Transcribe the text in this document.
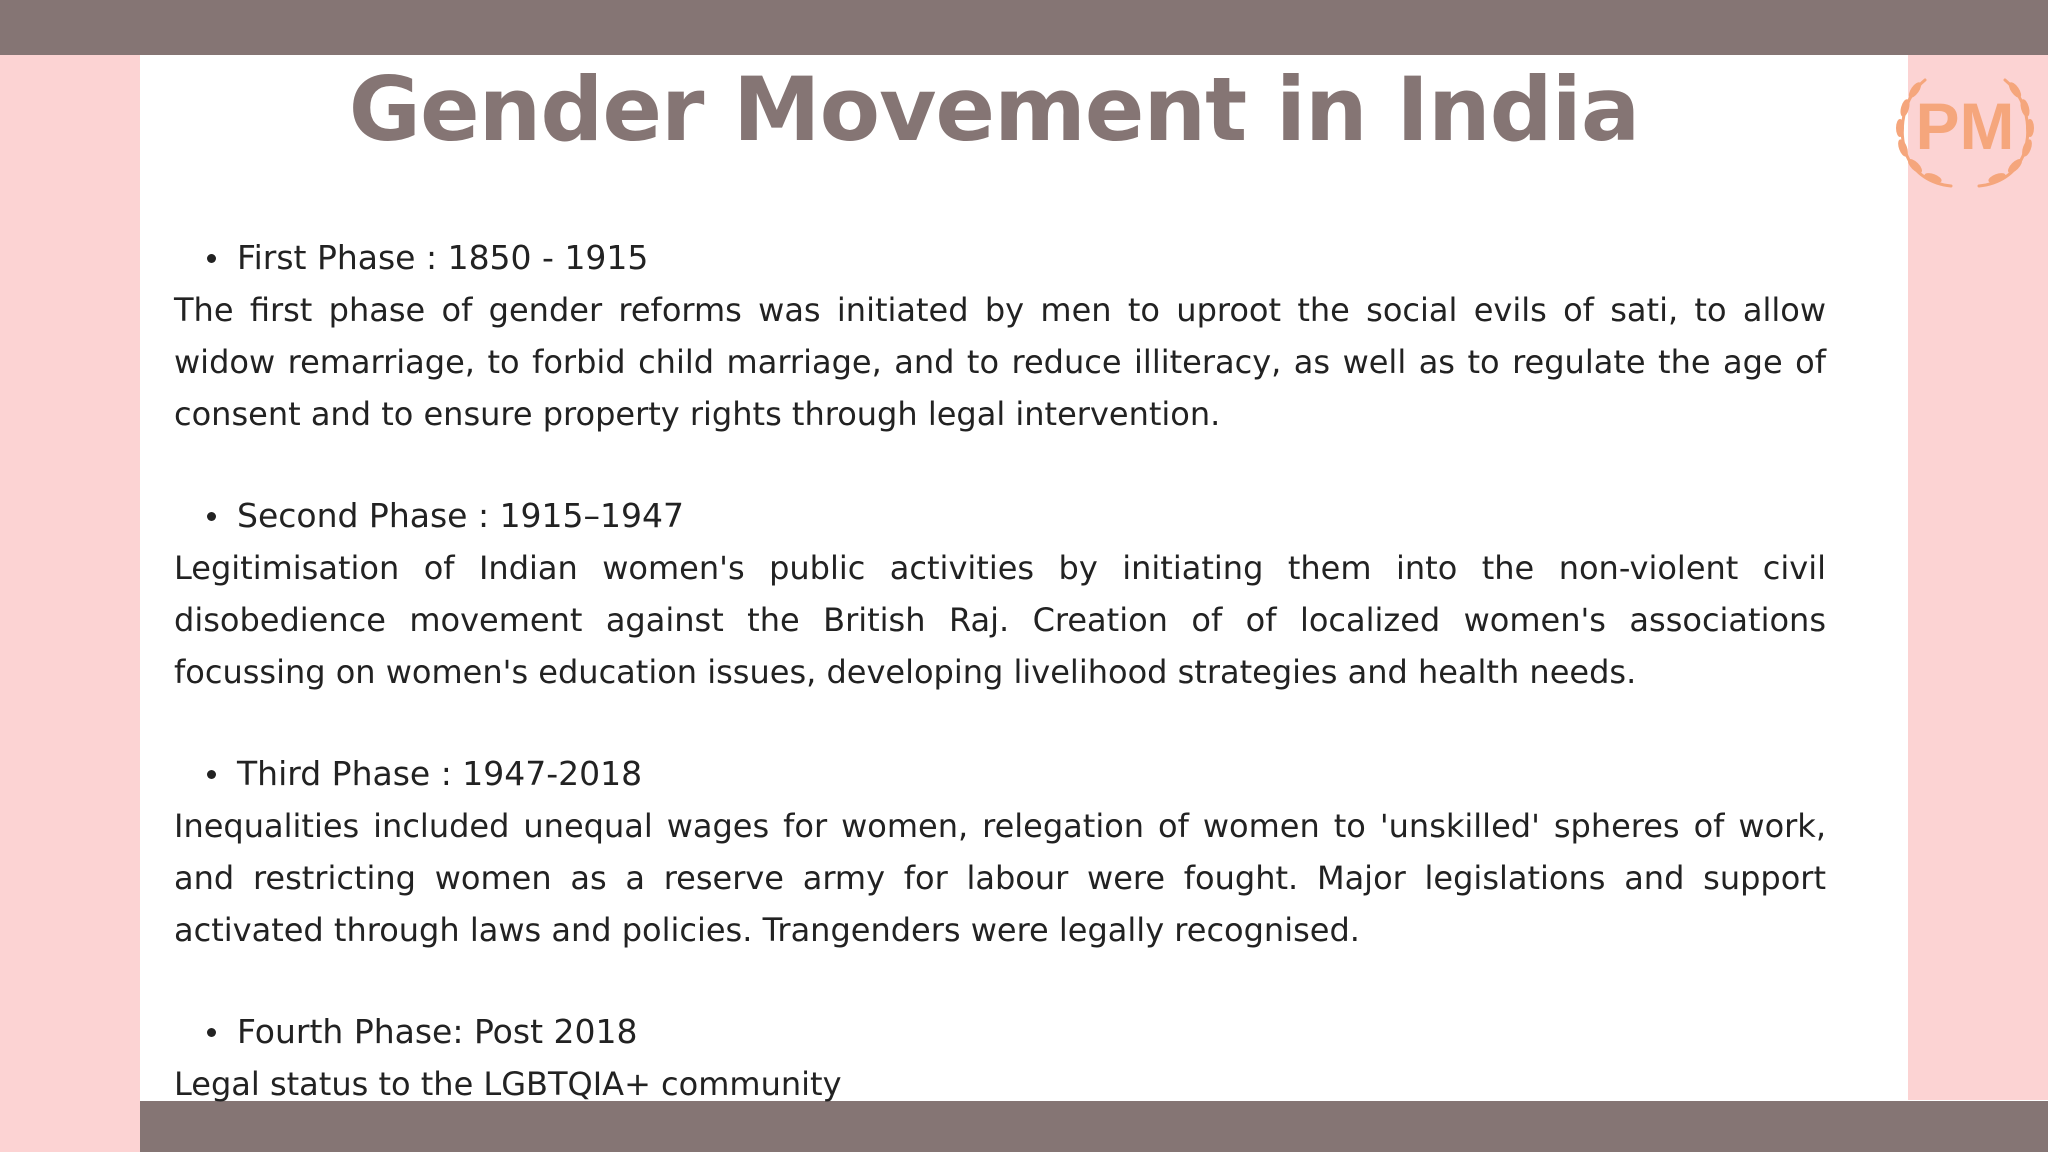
Gender Movement in India	PM
First Phase : 1850 - 1915

The first phase of gender reforms was initiated by men to uproot the social evils of sati, to allow widow remarriage, to forbid child marriage, and to reduce illiteracy, as well as to regulate the age of consent and to ensure property rights through legal intervention.

Second Phase : 1915–1947

Legitimisation of Indian women's public activities by initiating them into the non-violent civil disobedience movement against the British Raj. Creation of of localized women's associations focussing on women's education issues, developing livelihood strategies and health needs.

Third Phase : 1947-2018

Inequalities included unequal wages for women, relegation of women to 'unskilled' spheres of work, and restricting women as a reserve army for labour were fought. Major legislations and support activated through laws and policies. Trangenders were legally recognised.

Fourth Phase: Post 2018

Legal status to the LGBTQIA+ community
